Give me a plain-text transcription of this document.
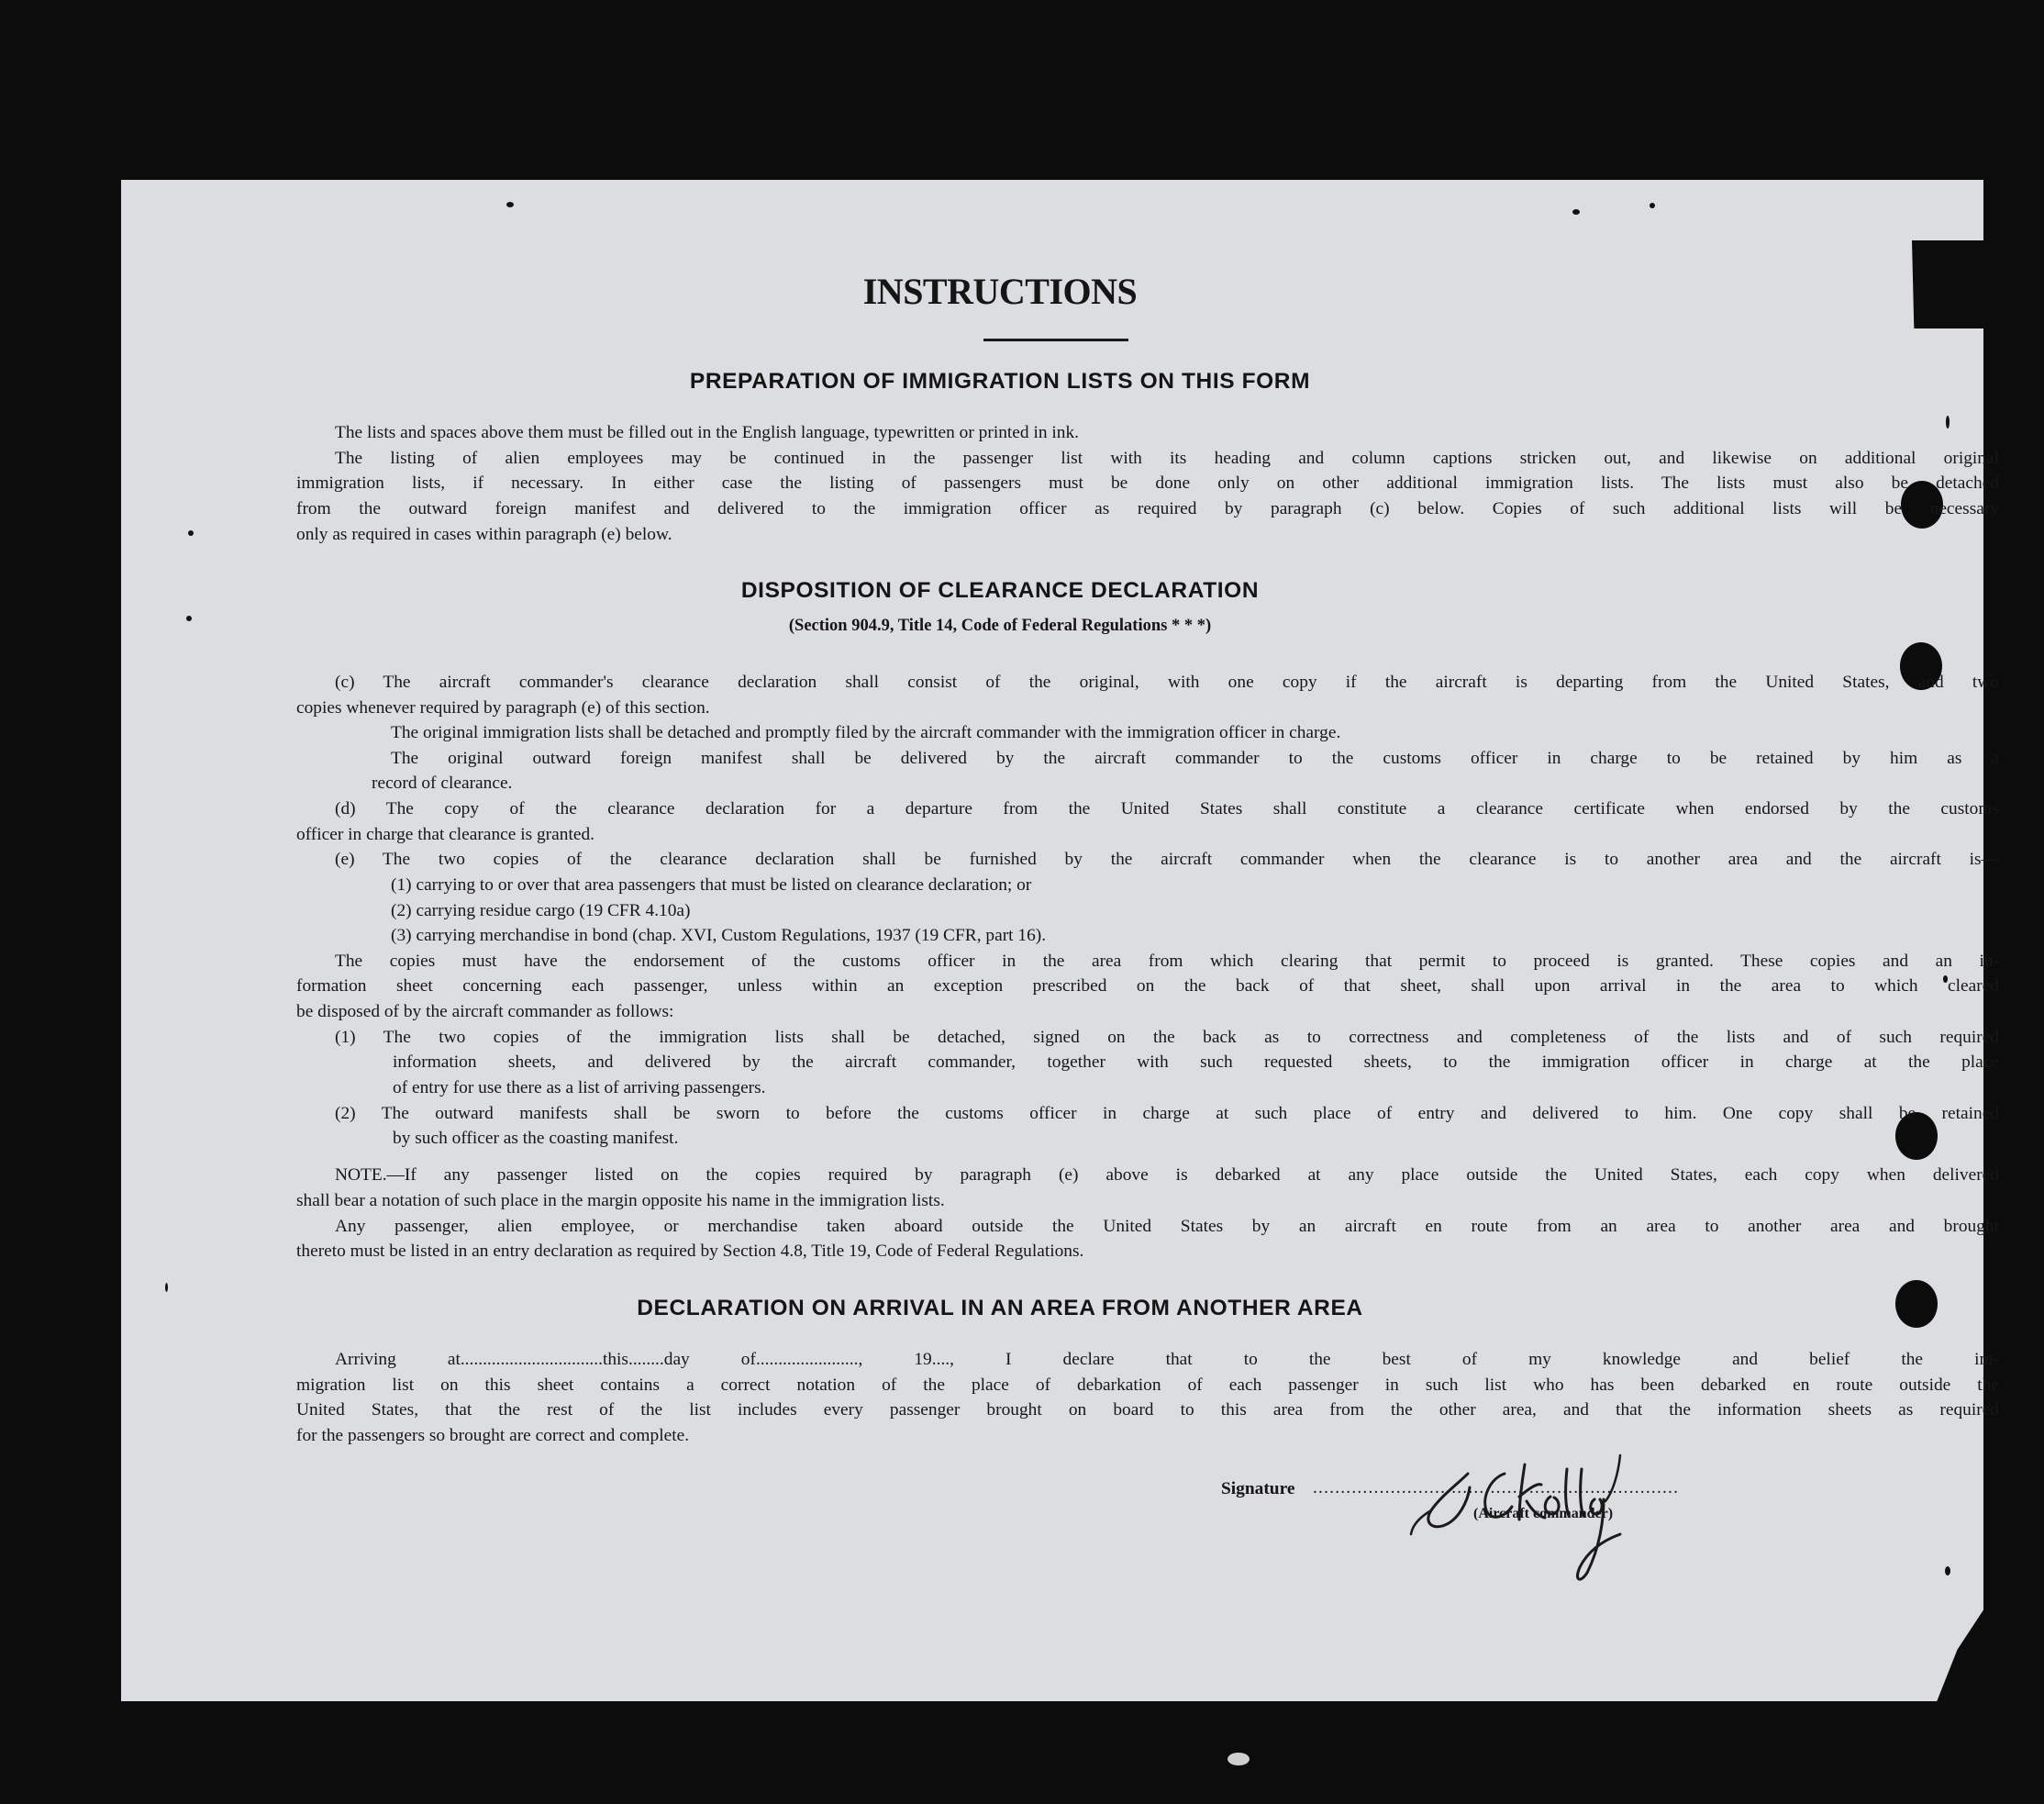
INSTRUCTIONS
PREPARATION OF IMMIGRATION LISTS ON THIS FORM
The lists and spaces above them must be filled out in the English language, typewritten or printed in ink.
The listing of alien employees may be continued in the passenger list with its heading and column captions stricken out, and likewise on additional original
immigration lists, if necessary. In either case the listing of passengers must be done only on other additional immigration lists. The lists must also be detached
from the outward foreign manifest and delivered to the immigration officer as required by paragraph (c) below. Copies of such additional lists will be necessary
only as required in cases within paragraph (e) below.
DISPOSITION OF CLEARANCE DECLARATION
(Section 904.9, Title 14, Code of Federal Regulations * * *)
(c) The aircraft commander's clearance declaration shall consist of the original, with one copy if the aircraft is departing from the United States, and two
copies whenever required by paragraph (e) of this section.
The original immigration lists shall be detached and promptly filed by the aircraft commander with the immigration officer in charge.
The original outward foreign manifest shall be delivered by the aircraft commander to the customs officer in charge to be retained by him as a
record of clearance.
(d) The copy of the clearance declaration for a departure from the United States shall constitute a clearance certificate when endorsed by the customs
officer in charge that clearance is granted.
(e) The two copies of the clearance declaration shall be furnished by the aircraft commander when the clearance is to another area and the aircraft is—
(1) carrying to or over that area passengers that must be listed on clearance declaration; or
(2) carrying residue cargo (19 CFR 4.10a)
(3) carrying merchandise in bond (chap. XVI, Custom Regulations, 1937 (19 CFR, part 16).
The copies must have the endorsement of the customs officer in the area from which clearing that permit to proceed is granted. These copies and an in-
formation sheet concerning each passenger, unless within an exception prescribed on the back of that sheet, shall upon arrival in the area to which cleared
be disposed of by the aircraft commander as follows:
(1) The two copies of the immigration lists shall be detached, signed on the back as to correctness and completeness of the lists and of such required
information sheets, and delivered by the aircraft commander, together with such requested sheets, to the immigration officer in charge at the place
of entry for use there as a list of arriving passengers.
(2) The outward manifests shall be sworn to before the customs officer in charge at such place of entry and delivered to him. One copy shall be retained
by such officer as the coasting manifest.
NOTE.—If any passenger listed on the copies required by paragraph (e) above is debarked at any place outside the United States, each copy when delivered
shall bear a notation of such place in the margin opposite his name in the immigration lists.
Any passenger, alien employee, or merchandise taken aboard outside the United States by an aircraft en route from an area to another area and brought
thereto must be listed in an entry declaration as required by Section 4.8, Title 19, Code of Federal Regulations.
DECLARATION ON ARRIVAL IN AN AREA FROM ANOTHER AREA
Arriving at................................this........day of......................., 19...., I declare that to the best of my knowledge and belief the im-
migration list on this sheet contains a correct notation of the place of debarkation of each passenger in such list who has been debarked en route outside the
United States, that the rest of the list includes every passenger brought on board to this area from the other area, and that the information sheets as required
for the passengers so brought are correct and complete.
Signature ..................................................................
(Aircraft commander)
